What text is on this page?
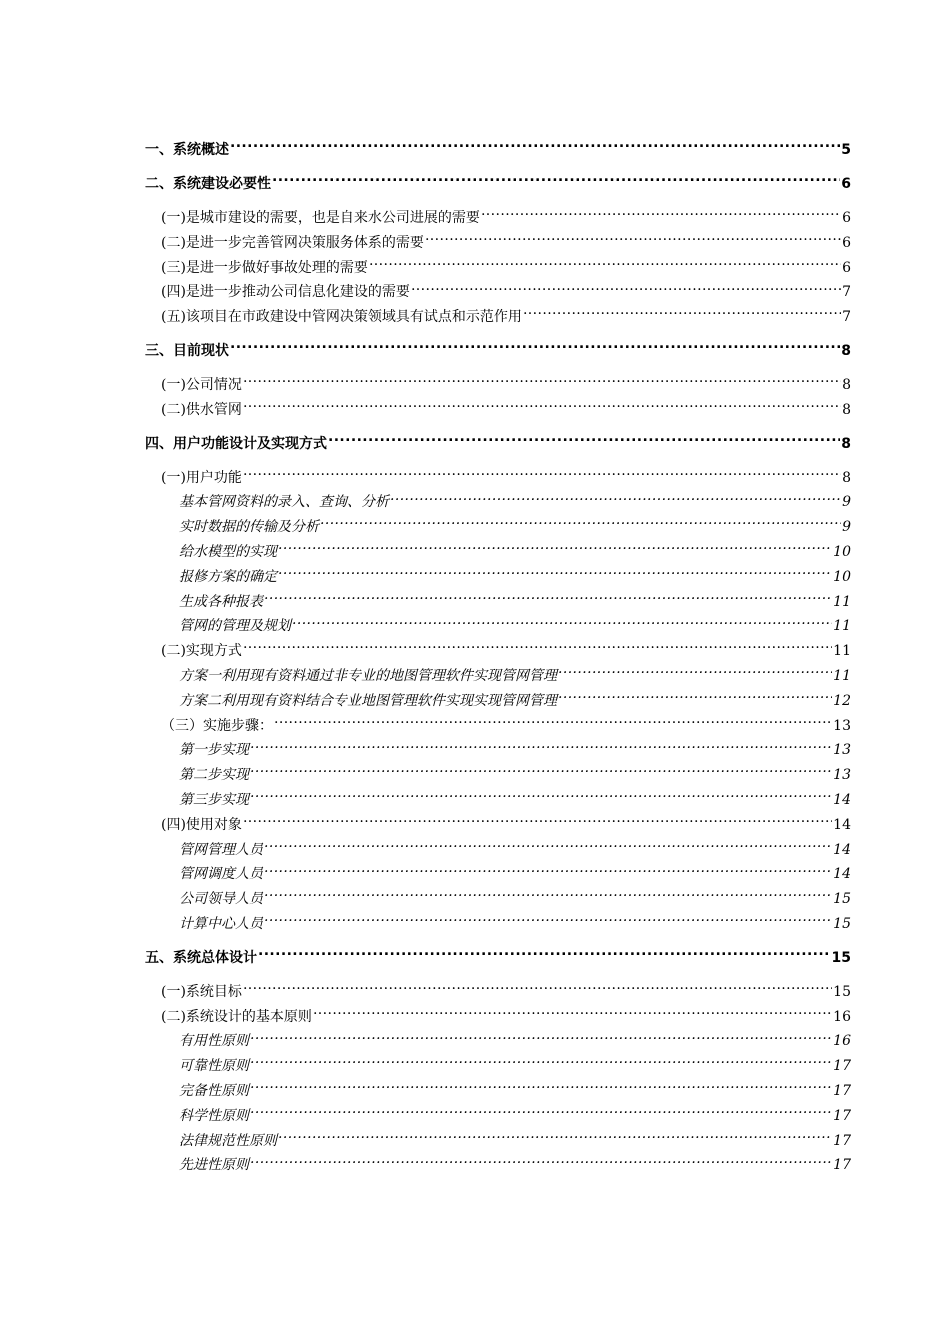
一、系统概述 .....	5
二、系统建设必要性 .....	6
(一)是城市建设的需要，也是自来水公司进展的需要 .....	6
(二)是进一步完善管网决策服务体系的需要 .....	6
(三)是进一步做好事故处理的需要 .....	6
(四)是进一步推动公司信息化建设的需要 .....	7
(五)该项目在市政建设中管网决策领域具有试点和示范作用 .....	7
三、目前现状 .....	8
(一)公司情况 .....	8
(二)供水管网 .....	8
四、用户功能设计及实现方式 .....	8
(一)用户功能 .....	8
基本管网资料的录入、查询、分析 .....	9
实时数据的传输及分析 .....	9
给水模型的实现 .....	10
报修方案的确定 .....	10
生成各种报表 .....	11
管网的管理及规划 .....	11
(二)实现方式 .....	11
方案一利用现有资料通过非专业的地图管理软件实现管网管理 .....	11
方案二利用现有资料结合专业地图管理软件实现实现管网管理 .....	12
（三）实施步骤： .....	13
第一步实现 .....	13
第二步实现 .....	13
第三步实现 .....	14
(四)使用对象 .....	14
管网管理人员 .....	14
管网调度人员 .....	14
公司领导人员 .....	15
计算中心人员 .....	15
五、系统总体设计 .....	15
(一)系统目标 .....	15
(二)系统设计的基本原则 .....	16
有用性原则 .....	16
可靠性原则 .....	17
完备性原则 .....	17
科学性原则 .....	17
法律规范性原则 .....	17
先进性原则 .....	17
